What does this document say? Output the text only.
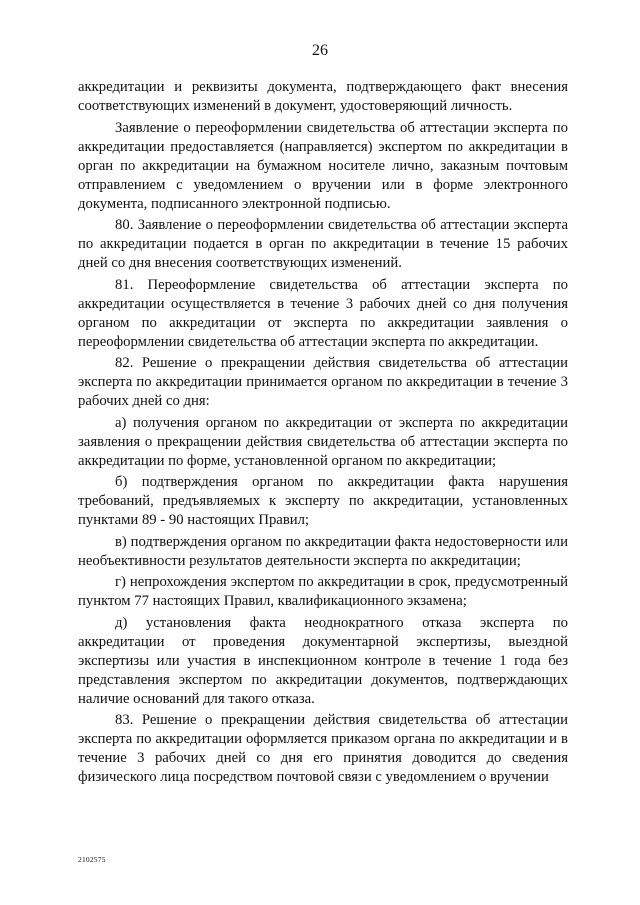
26

аккредитации и реквизиты документа, подтверждающего факт внесения соответствующих изменений в документ, удостоверяющий личность.

Заявление о переоформлении свидетельства об аттестации эксперта по аккредитации предоставляется (направляется) экспертом по аккредитации в орган по аккредитации на бумажном носителе лично, заказным почтовым отправлением с уведомлением о вручении или в форме электронного документа, подписанного электронной подписью.

80. Заявление о переоформлении свидетельства об аттестации эксперта по аккредитации подается в орган по аккредитации в течение 15 рабочих дней со дня внесения соответствующих изменений.

81. Переоформление свидетельства об аттестации эксперта по аккредитации осуществляется в течение 3 рабочих дней со дня получения органом по аккредитации от эксперта по аккредитации заявления о переоформлении свидетельства об аттестации эксперта по аккредитации.

82. Решение о прекращении действия свидетельства об аттестации эксперта по аккредитации принимается органом по аккредитации в течение 3 рабочих дней со дня:

а) получения органом по аккредитации от эксперта по аккредитации заявления о прекращении действия свидетельства об аттестации эксперта по аккредитации по форме, установленной органом по аккредитации;

б) подтверждения органом по аккредитации факта нарушения требований, предъявляемых к эксперту по аккредитации, установленных пунктами 89 - 90 настоящих Правил;

в) подтверждения органом по аккредитации факта недостоверности или необъективности результатов деятельности эксперта по аккредитации;

г) непрохождения экспертом по аккредитации в срок, предусмотренный пунктом 77 настоящих Правил, квалификационного экзамена;

д) установления факта неоднократного отказа эксперта по аккредитации от проведения документарной экспертизы, выездной экспертизы или участия в инспекционном контроле в течение 1 года без представления экспертом по аккредитации документов, подтверждающих наличие оснований для такого отказа.

83. Решение о прекращении действия свидетельства об аттестации эксперта по аккредитации оформляется приказом органа по аккредитации и в течение 3 рабочих дней со дня его принятия доводится до сведения физического лица посредством почтовой связи с уведомлением о вручении

2102575
